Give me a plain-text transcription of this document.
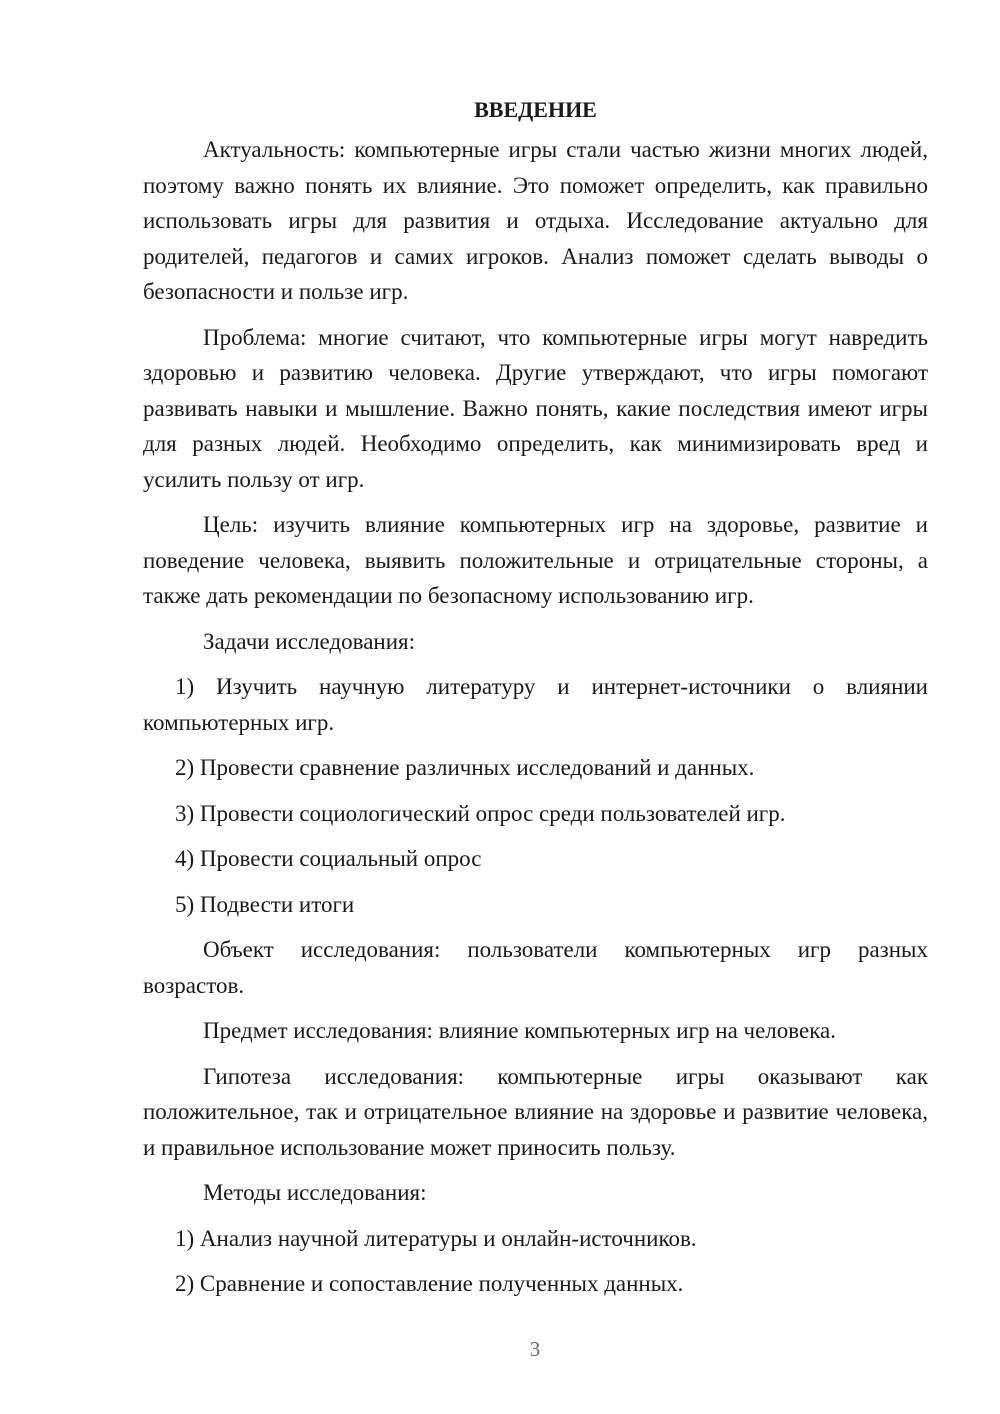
ВВЕДЕНИЕ

Актуальность: компьютерные игры стали частью жизни многих людей, поэтому важно понять их влияние. Это поможет определить, как правильно использовать игры для развития и отдыха. Исследование актуально для родителей, педагогов и самих игроков. Анализ поможет сделать выводы о безопасности и пользе игр.

Проблема: многие считают, что компьютерные игры могут навредить здоровью и развитию человека. Другие утверждают, что игры помогают развивать навыки и мышление. Важно понять, какие последствия имеют игры для разных людей. Необходимо определить, как минимизировать вред и усилить пользу от игр.

Цель: изучить влияние компьютерных игр на здоровье, развитие и поведение человека, выявить положительные и отрицательные стороны, а также дать рекомендации по безопасному использованию игр.

Задачи исследования:

1) Изучить научную литературу и интернет-источники о влиянии компьютерных игр.

2) Провести сравнение различных исследований и данных.

3) Провести социологический опрос среди пользователей игр.

4) Провести социальный опрос

5) Подвести итоги

Объект исследования: пользователи компьютерных игр разных возрастов.

Предмет исследования: влияние компьютерных игр на человека.

Гипотеза исследования: компьютерные игры оказывают как положительное, так и отрицательное влияние на здоровье и развитие человека, и правильное использование может приносить пользу.

Методы исследования:

1) Анализ научной литературы и онлайн-источников.

2) Сравнение и сопоставление полученных данных.

3
